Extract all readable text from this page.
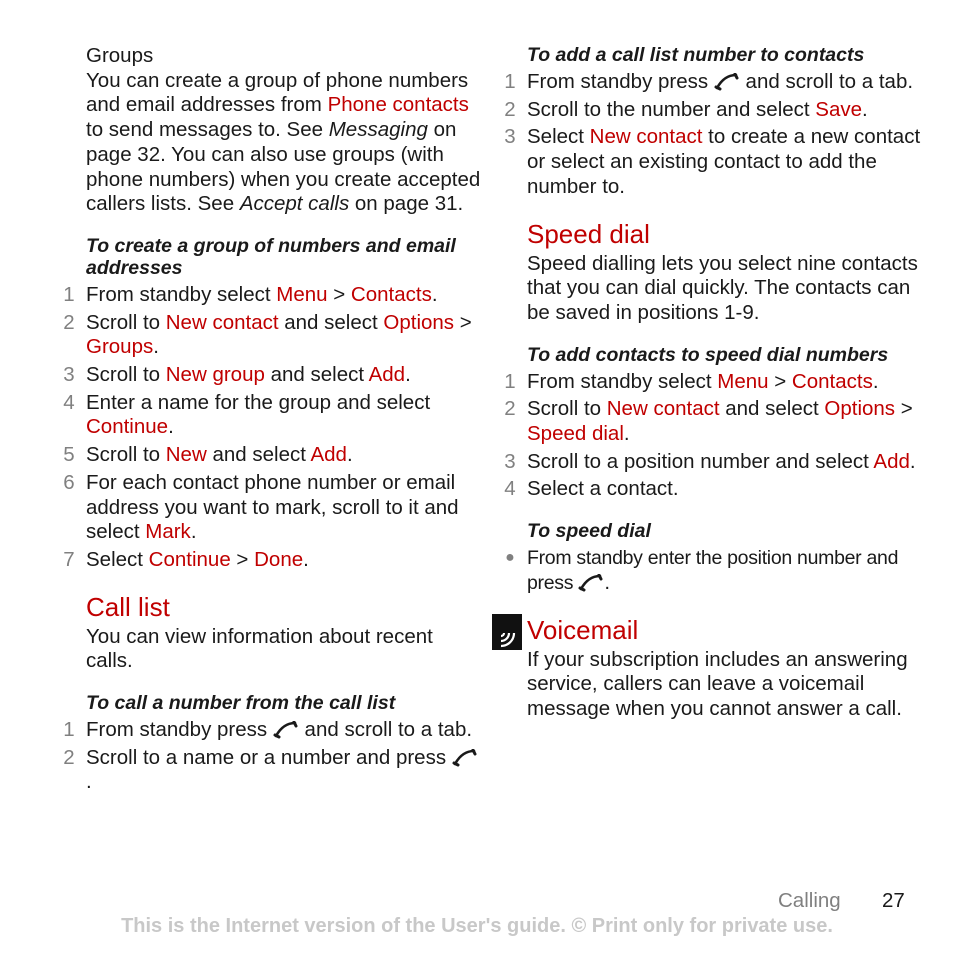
Groups

You can create a group of phone numbers and email addresses from Phone contacts to send messages to. See Messaging on page 32. You can also use groups (with phone numbers) when you create accepted callers lists. See Accept calls on page 31.

To create a group of numbers and email addresses

1 From standby select Menu > Contacts.
2 Scroll to New contact and select Options > Groups.
3 Scroll to New group and select Add.
4 Enter a name for the group and select Continue.
5 Scroll to New and select Add.
6 For each contact phone number or email address you want to mark, scroll to it and select Mark.
7 Select Continue > Done.

Call list

You can view information about recent calls.

To call a number from the call list

1 From standby press
and scroll to a tab.
2 Scroll to a name or a number and press
.

To add a call list number to contacts

1 From standby press
and scroll to a tab.
2 Scroll to the number and select Save.
3 Select New contact to create a new contact or select an existing contact to add the number to.

Speed dial

Speed dialling lets you select nine contacts that you can dial quickly. The contacts can be saved in positions 1-9.

To add contacts to speed dial numbers

1 From standby select Menu > Contacts.
2 Scroll to New contact and select Options > Speed dial.
3 Scroll to a position number and select Add.
4 Select a contact.

To speed dial

● From standby enter the position number and press
.

Voicemail

If your subscription includes an answering service, callers can leave a voicemail message when you cannot answer a call.

Calling 27
This is the Internet version of the User's guide. © Print only for private use.
